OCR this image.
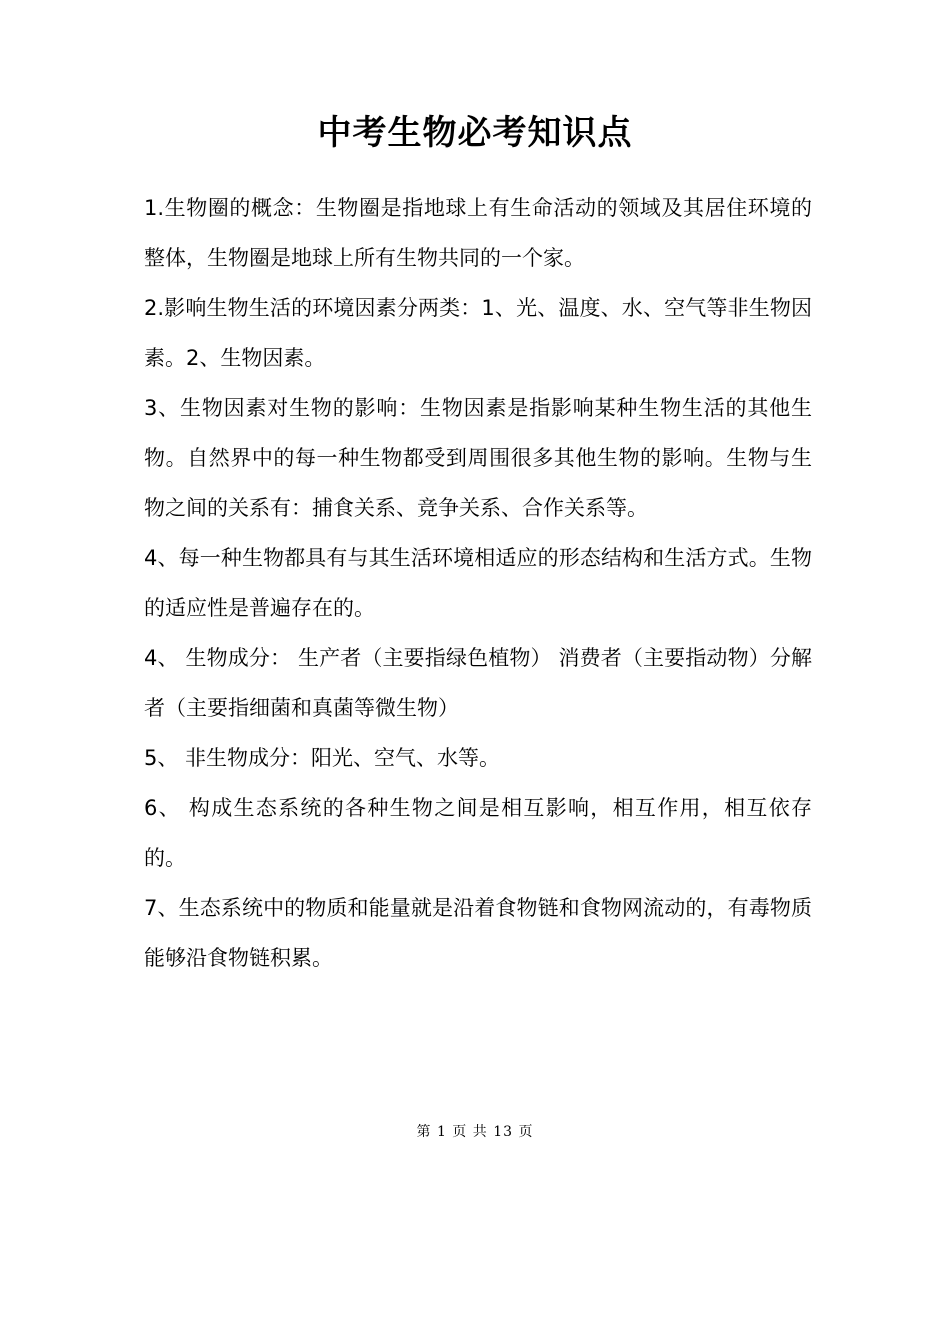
中考生物必考知识点

1.生物圈的概念：生物圈是指地球上有生命活动的领域及其居住环境的整体，生物圈是地球上所有生物共同的一个家。

2.影响生物生活的环境因素分两类：1、光、温度、水、空气等非生物因素。2、生物因素。

3、生物因素对生物的影响：生物因素是指影响某种生物生活的其他生物。自然界中的每一种生物都受到周围很多其他生物的影响。生物与生物之间的关系有：捕食关系、竞争关系、合作关系等。

4、每一种生物都具有与其生活环境相适应的形态结构和生活方式。生物的适应性是普遍存在的。

4、 生物成分： 生产者（主要指绿色植物） 消费者（主要指动物）分解者（主要指细菌和真菌等微生物）

5、 非生物成分：阳光、空气、水等。

6、 构成生态系统的各种生物之间是相互影响，相互作用，相互依存的。

7、生态系统中的物质和能量就是沿着食物链和食物网流动的，有毒物质能够沿食物链积累。

第 1 页 共 13 页
